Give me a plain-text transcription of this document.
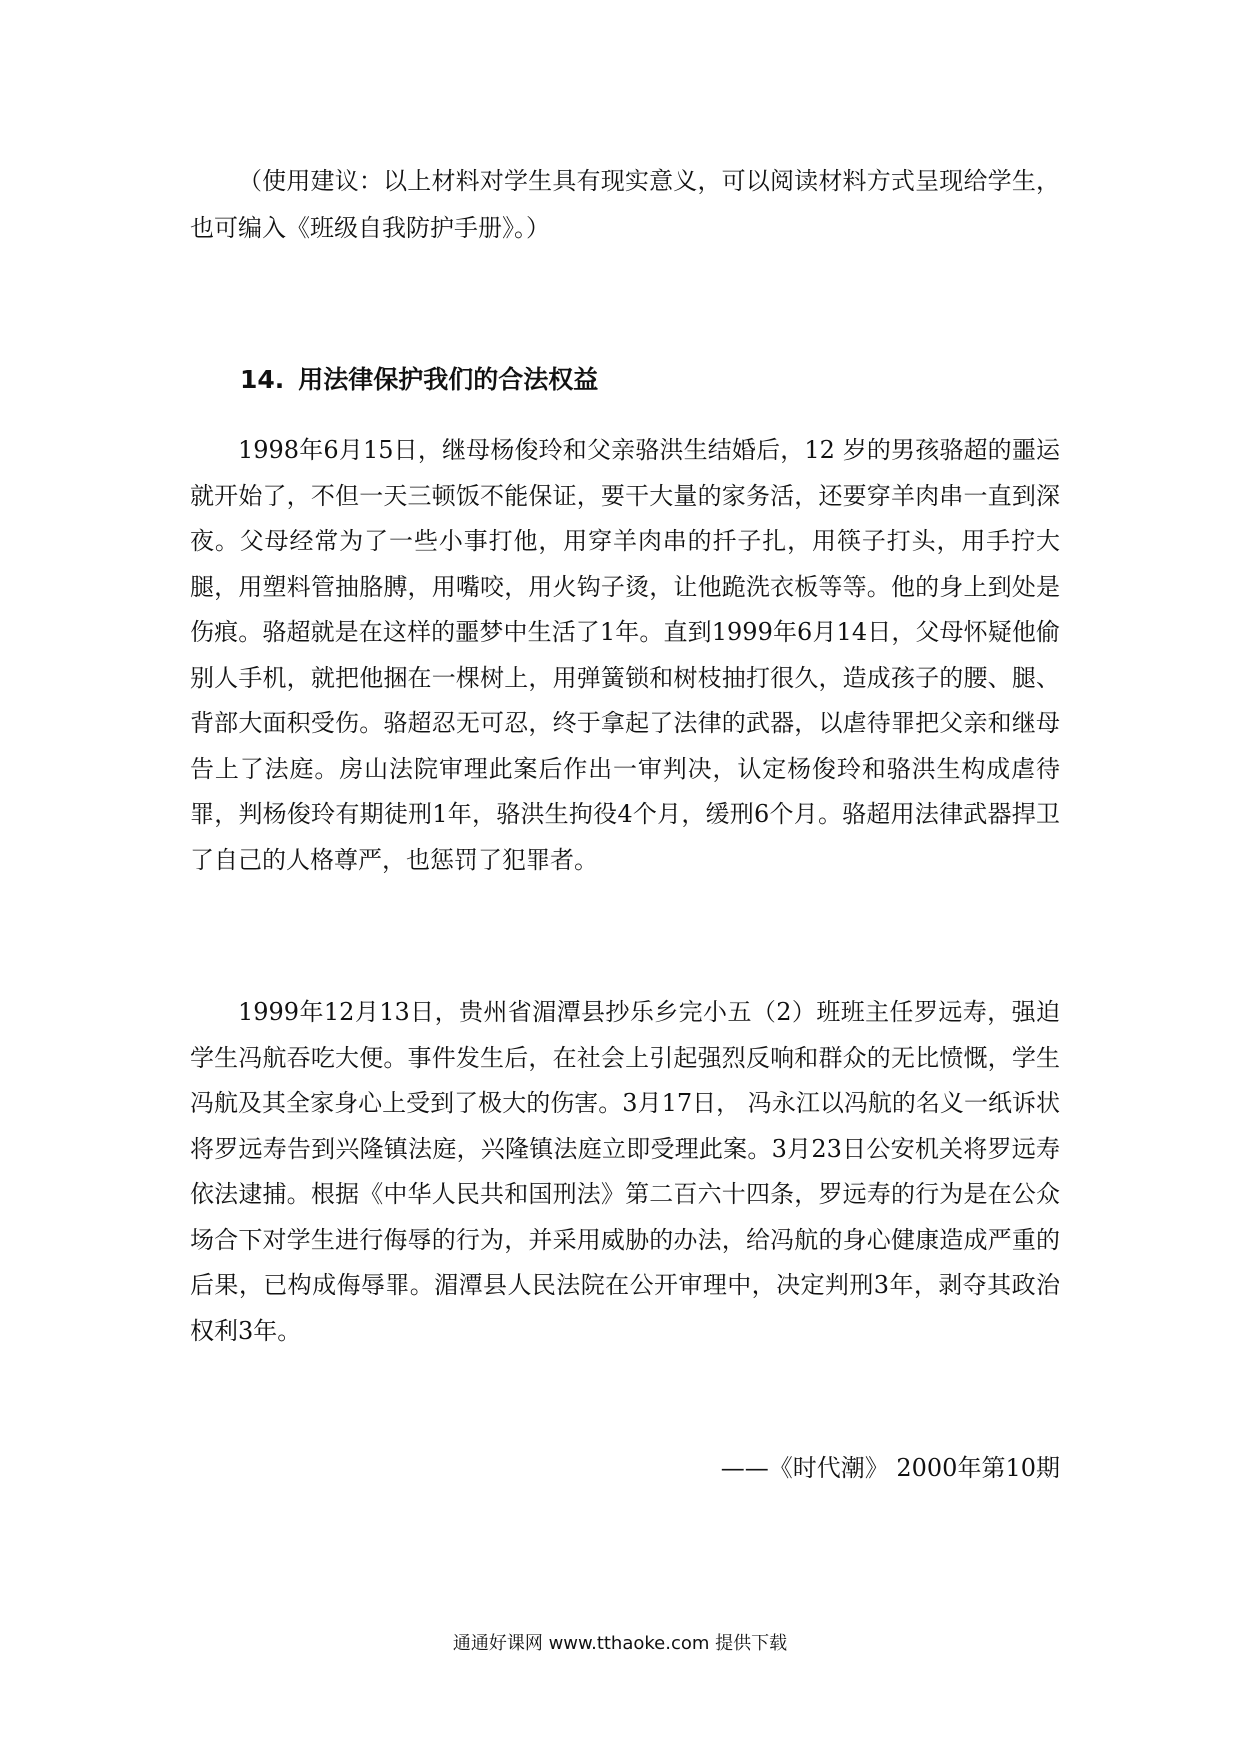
（使用建议：以上材料对学生具有现实意义，可以阅读材料方式呈现给学生，也可编入《班级自我防护手册》。）

14. 用法律保护我们的合法权益

1998年6月15日，继母杨俊玲和父亲骆洪生结婚后，12 岁的男孩骆超的噩运就开始了，不但一天三顿饭不能保证，要干大量的家务活，还要穿羊肉串一直到深夜。父母经常为了一些小事打他，用穿羊肉串的扦子扎，用筷子打头，用手拧大腿，用塑料管抽胳膊，用嘴咬，用火钩子烫，让他跪洗衣板等等。他的身上到处是伤痕。骆超就是在这样的噩梦中生活了1年。直到1999年6月14日，父母怀疑他偷别人手机，就把他捆在一棵树上，用弹簧锁和树枝抽打很久，造成孩子的腰、腿、背部大面积受伤。骆超忍无可忍，终于拿起了法律的武器，以虐待罪把父亲和继母告上了法庭。房山法院审理此案后作出一审判决，认定杨俊玲和骆洪生构成虐待罪，判杨俊玲有期徒刑1年，骆洪生拘役4个月，缓刑6个月。骆超用法律武器捍卫了自己的人格尊严，也惩罚了犯罪者。

1999年12月13日，贵州省湄潭县抄乐乡完小五（2）班班主任罗远寿，强迫学生冯航吞吃大便。事件发生后，在社会上引起强烈反响和群众的无比愤慨，学生冯航及其全家身心上受到了极大的伤害。3月17日， 冯永江以冯航的名义一纸诉状将罗远寿告到兴隆镇法庭，兴隆镇法庭立即受理此案。3月23日公安机关将罗远寿依法逮捕。根据《中华人民共和国刑法》第二百六十四条，罗远寿的行为是在公众场合下对学生进行侮辱的行为，并采用威胁的办法，给冯航的身心健康造成严重的后果，已构成侮辱罪。湄潭县人民法院在公开审理中，决定判刑3年，剥夺其政治权利3年。

——《时代潮》 2000年第10期

通通好课网 www.tthaoke.com 提供下载
